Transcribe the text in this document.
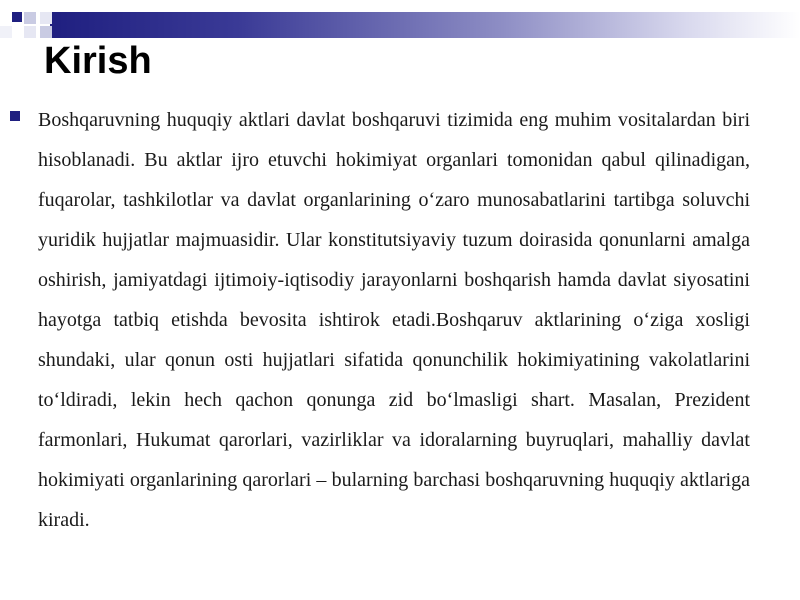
Kirish

Boshqaruvning huquqiy aktlari davlat boshqaruvi tizimida eng muhim vositalardan biri hisoblanadi. Bu aktlar ijro etuvchi hokimiyat organlari tomonidan qabul qilinadigan, fuqarolar, tashkilotlar va davlat organlarining o‘zaro munosabatlarini tartibga soluvchi yuridik hujjatlar majmuasidir. Ular konstitutsiyaviy tuzum doirasida qonunlarni amalga oshirish, jamiyatdagi ijtimoiy-iqtisodiy jarayonlarni boshqarish hamda davlat siyosatini hayotga tatbiq etishda bevosita ishtirok etadi.Boshqaruv aktlarining o‘ziga xosligi shundaki, ular qonun osti hujjatlari sifatida qonunchilik hokimiyatining vakolatlarini to‘ldiradi, lekin hech qachon qonunga zid bo‘lmasligi shart. Masalan, Prezident farmonlari, Hukumat qarorlari, vazirliklar va idoralarning buyruqlari, mahalliy davlat hokimiyati organlarining qarorlari – bularning barchasi boshqaruvning huquqiy aktlariga kiradi.
